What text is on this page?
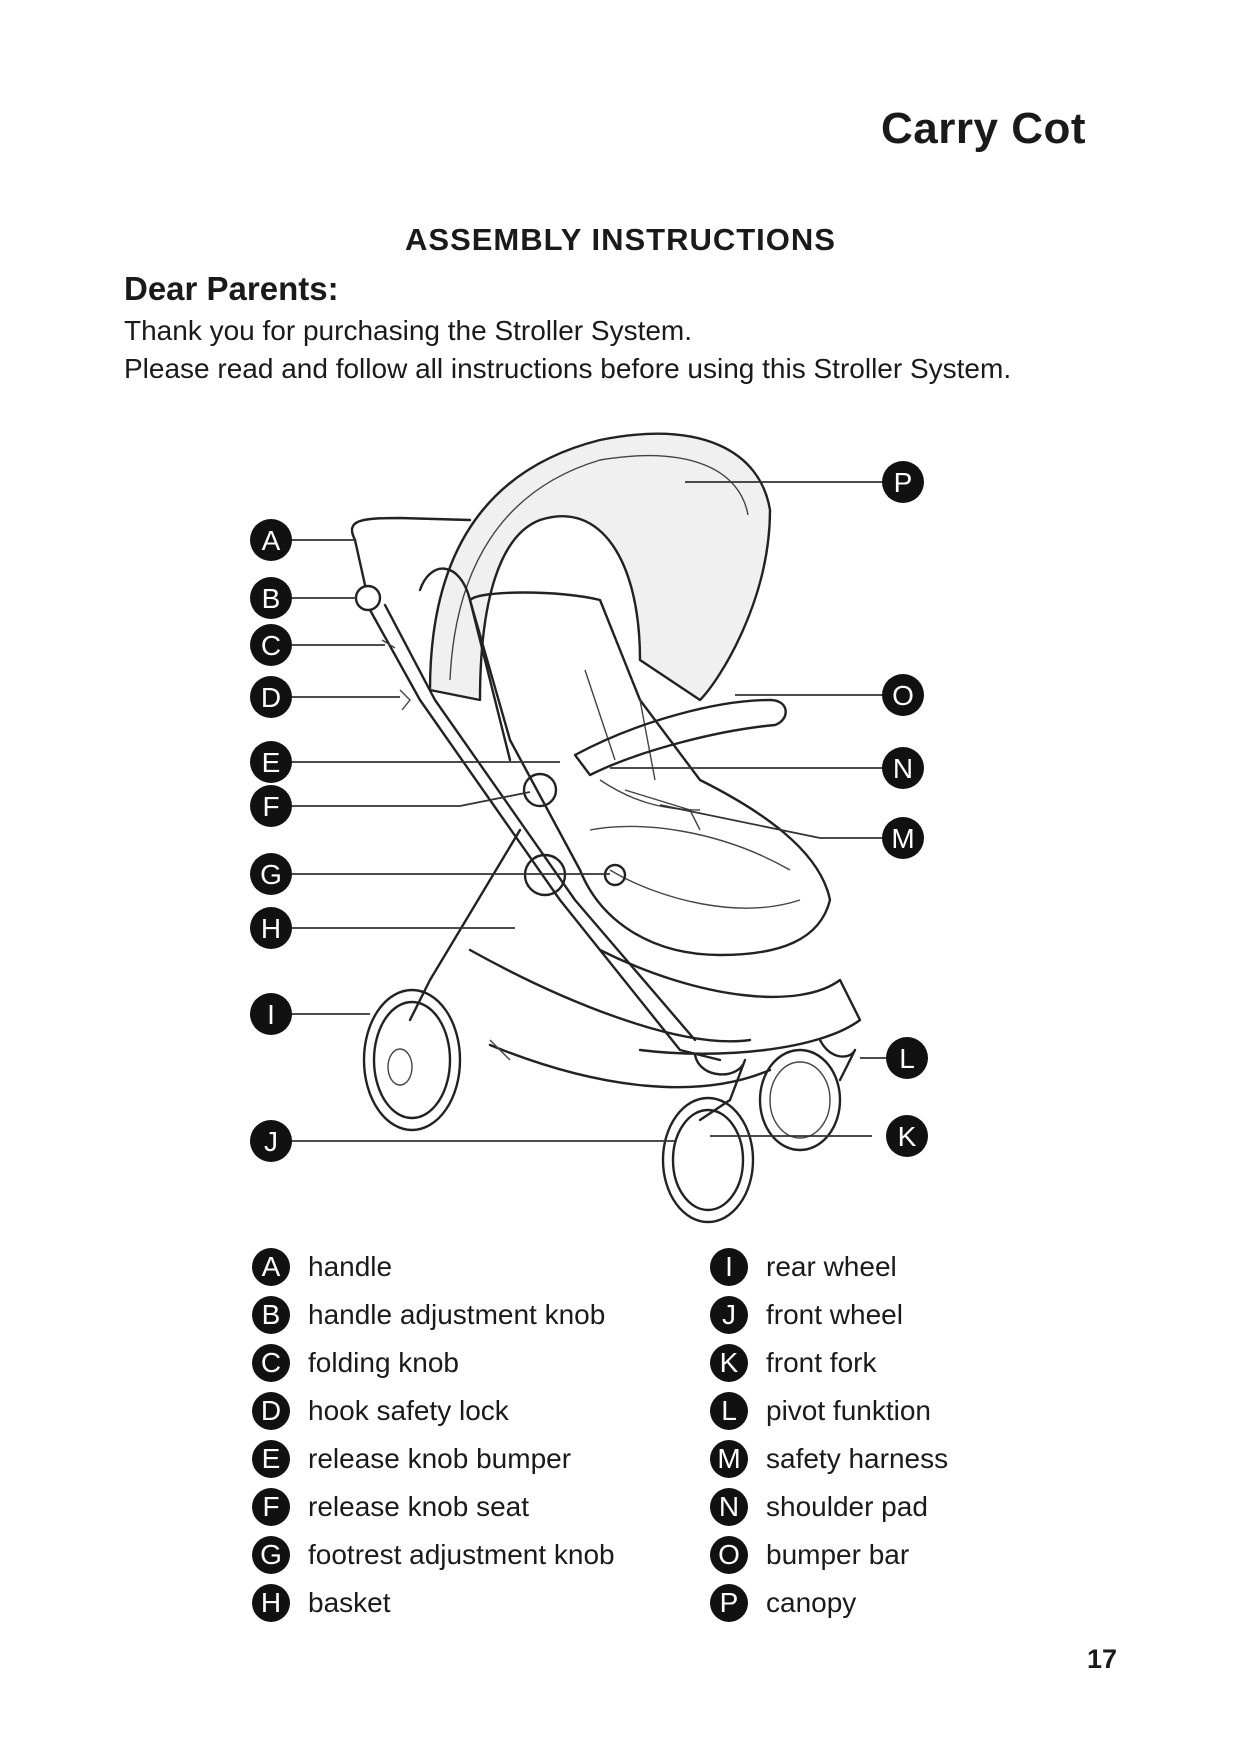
Carry Cot
ASSEMBLY INSTRUCTIONS
Dear Parents:

Thank you for purchasing the Stroller System.

Please read and follow all instructions before using this Stroller System.

A
B
C
D
E
F
G
H
I
J	K
L
M
N
O
P
A handle
B handle adjustment knob
C folding knob
D hook safety lock
E release knob bumper
F	release knob seat
G footrest adjustment knob
H basket
I	rear wheel
J	front wheel
K front fork
L	pivot funktion
M safety harness
N shoulder pad
O bumper bar
P canopy

17
